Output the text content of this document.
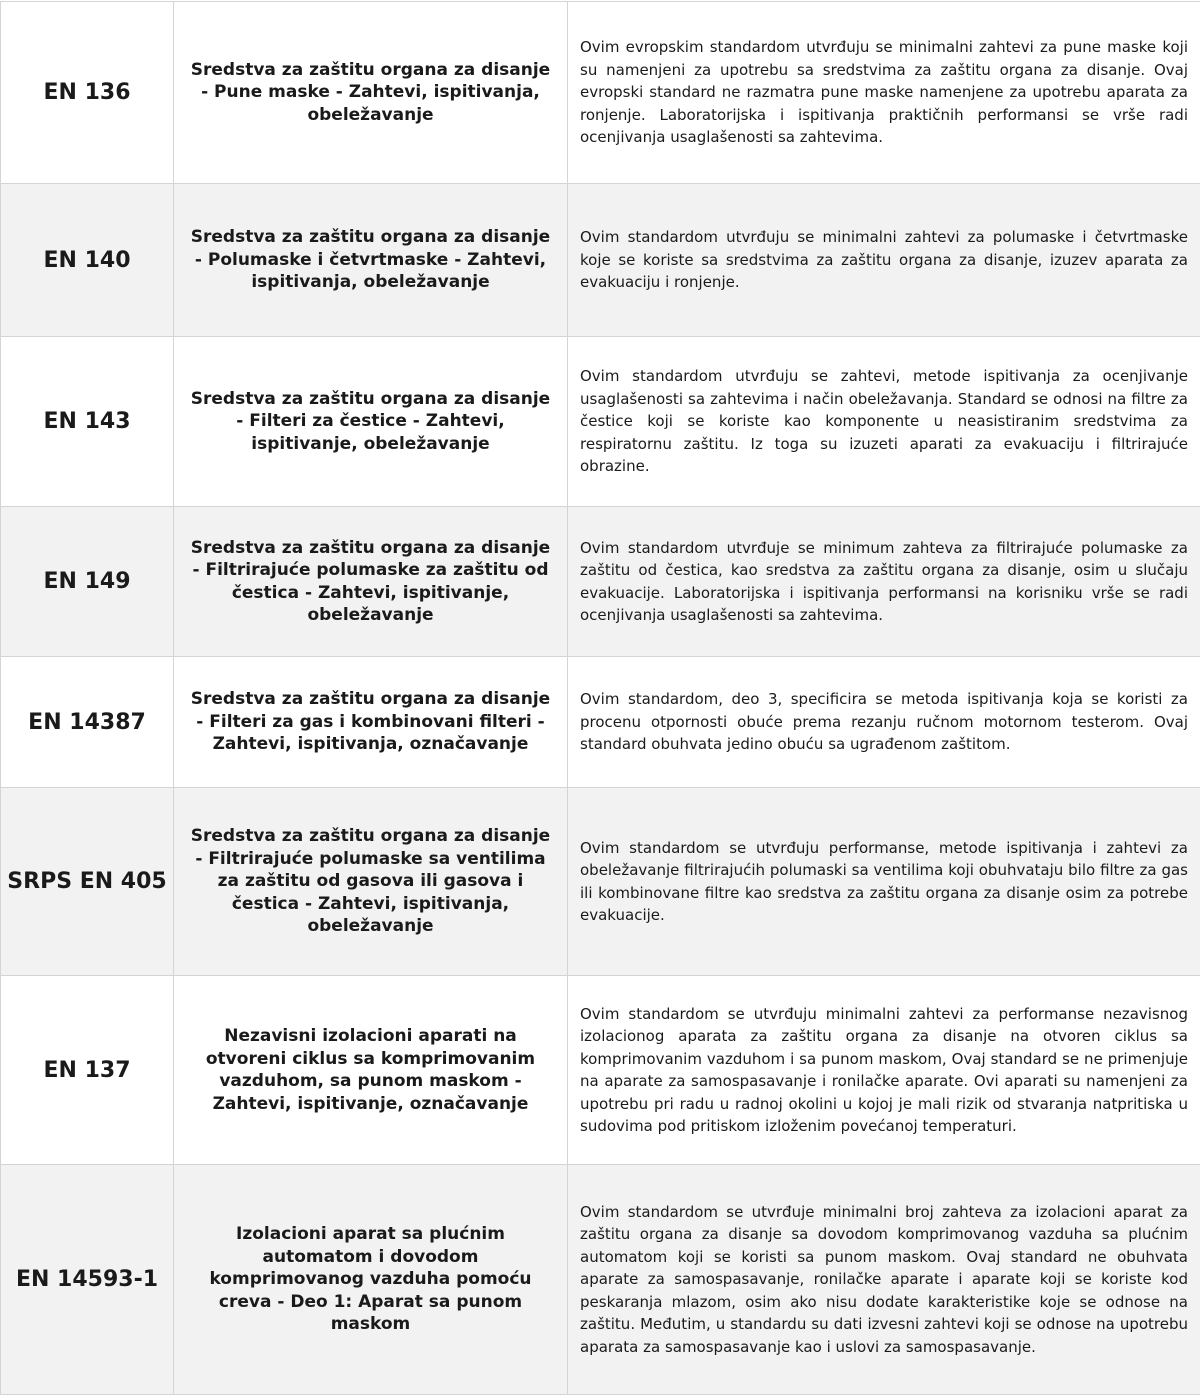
EN 136	Sredstva za zaštitu organa za disanje - Pune maske - Zahtevi, ispitivanja, obeležavanje	Ovim evropskim standardom utvrđuju se minimalni zahtevi za pune maske koji su namenjeni za upotrebu sa sredstvima za zaštitu organa za disanje. Ovaj evropski standard ne razmatra pune maske namenjene za upotrebu aparata za ronjenje. Laboratorijska i ispitivanja praktičnih performansi se vrše radi ocenjivanja usaglašenosti sa zahtevima.
EN 140	Sredstva za zaštitu organa za disanje - Polumaske i četvrtmaske - Zahtevi, ispitivanja, obeležavanje	Ovim standardom utvrđuju se minimalni zahtevi za polumaske i četvrtmaske koje se koriste sa sredstvima za zaštitu organa za disanje, izuzev aparata za evakuaciju i ronjenje.
EN 143	Sredstva za zaštitu organa za disanje - Filteri za čestice - Zahtevi, ispitivanje, obeležavanje	Ovim standardom utvrđuju se zahtevi, metode ispitivanja za ocenjivanje usaglašenosti sa zahtevima i način obeležavanja. Standard se odnosi na filtre za čestice koji se koriste kao komponente u neasistiranim sredstvima za respiratornu zaštitu. Iz toga su izuzeti aparati za evakuaciju i filtrirajuće obrazine.
EN 149	Sredstva za zaštitu organa za disanje - Filtrirajuće polumaske za zaštitu od čestica - Zahtevi, ispitivanje, obeležavanje	Ovim standardom utvrđuje se minimum zahteva za filtrirajuće polumaske za zaštitu od čestica, kao sredstva za zaštitu organa za disanje, osim u slučaju evakuacije. Laboratorijska i ispitivanja performansi na korisniku vrše se radi ocenjivanja usaglašenosti sa zahtevima.
EN 14387	Sredstva za zaštitu organa za disanje - Filteri za gas i kombinovani filteri - Zahtevi, ispitivanja, označavanje	Ovim standardom, deo 3, specificira se metoda ispitivanja koja se koristi za procenu otpornosti obuće prema rezanju ručnom motornom testerom. Ovaj standard obuhvata jedino obuću sa ugrađenom zaštitom.
SRPS EN 405	Sredstva za zaštitu organa za disanje - Filtrirajuće polumaske sa ventilima za zaštitu od gasova ili gasova i čestica - Zahtevi, ispitivanja, obeležavanje	Ovim standardom se utvrđuju performanse, metode ispitivanja i zahtevi za obeležavanje filtrirajućih polumaski sa ventilima koji obuhvataju bilo filtre za gas ili kombinovane filtre kao sredstva za zaštitu organa za disanje osim za potrebe evakuacije.
EN 137	Nezavisni izolacioni aparati na otvoreni ciklus sa komprimovanim vazduhom, sa punom maskom - Zahtevi, ispitivanje, označavanje	Ovim standardom se utvrđuju minimalni zahtevi za performanse nezavisnog izolacionog aparata za zaštitu organa za disanje na otvoren ciklus sa komprimovanim vazduhom i sa punom maskom, Ovaj standard se ne primenjuje na aparate za samospasavanje i ronilačke aparate. Ovi aparati su namenjeni za upotrebu pri radu u radnoj okolini u kojoj je mali rizik od stvaranja natpritiska u sudovima pod pritiskom izloženim povećanoj temperaturi.
EN 14593-1	Izolacioni aparat sa plućnim automatom i dovodom komprimovanog vazduha pomoću creva - Deo 1: Aparat sa punom maskom	Ovim standardom se utvrđuje minimalni broj zahteva za izolacioni aparat za zaštitu organa za disanje sa dovodom komprimovanog vazduha sa plućnim automatom koji se koristi sa punom maskom. Ovaj standard ne obuhvata aparate za samospasavanje, ronilačke aparate i aparate koji se koriste kod peskaranja mlazom, osim ako nisu dodate karakteristike koje se odnose na zaštitu. Međutim, u standardu su dati izvesni zahtevi koji se odnose na upotrebu aparata za samospasavanje kao i uslovi za samospasavanje.
